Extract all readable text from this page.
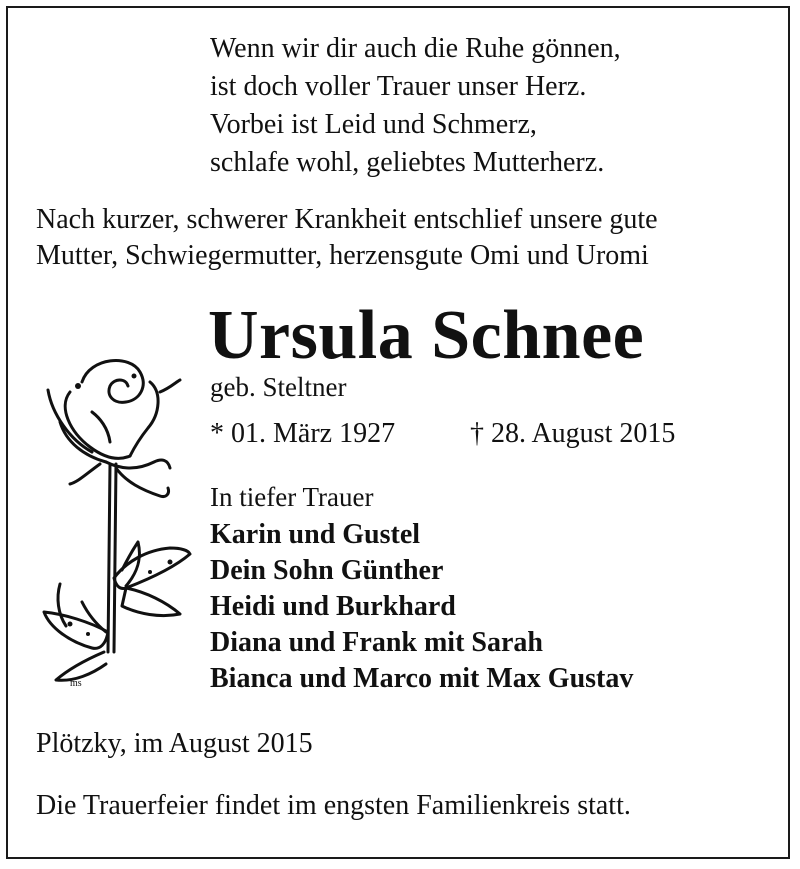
Wenn wir dir auch die Ruhe gönnen,
ist doch voller Trauer unser Herz.
Vorbei ist Leid und Schmerz,
schlafe wohl, geliebtes Mutterherz.
Nach kurzer, schwerer Krankheit entschlief unsere gute
Mutter, Schwiegermutter, herzensgute Omi und Uromi
Ursula Schnee
geb. Steltner
* 01. März 1927	† 28. August 2015
In tiefer Trauer
Karin und Gustel
Dein Sohn Günther
Heidi und Burkhard
Diana und Frank mit Sarah
Bianca und Marco mit Max Gustav
Plötzky, im August 2015
Die Trauerfeier findet im engsten Familienkreis statt.
ms
